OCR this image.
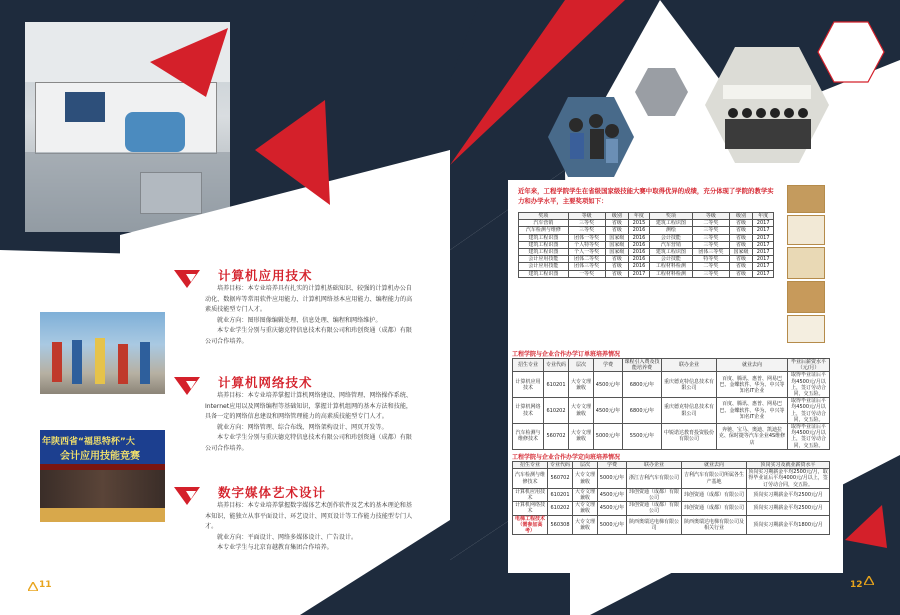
年陕西省“福思特杯”大
会计应用技能竞赛
计算机应用技术

培养目标：本专业培养具有扎实的计算机基础知识、较强的计算机办公自动化、数据库等常用软件应用能力、计算机网络基本应用能力、编程能力的高素质技能型专门人才。

就业方向：图形图像编辑处理、信息处理、编程和网络维护。

本专业学生分别与重庆德克特信息技术有限公司和玮创资通（成都）有限公司合作培养。

计算机网络技术

培养目标：本专业培养掌握计算机网络建设、网络管理、网络操作系统、Internet应用以及网络编程等基础知识，掌握计算机组网的基本方法和技能，具备一定的网络信息建设和网络管理能力的高素质技能型专门人才。

就业方向：网络管理、综合布线、网络架构设计、网页开发等。

本专业学生分别与重庆德克特信息技术有限公司和玮创资通（成都）有限公司合作培养。

数字媒体艺术设计

培养目标：本专业培养掌握数字媒体艺术创作软件及艺术的基本理论和基本知识，能独立从事平面设计、环艺设计、网页设计等工作能力技能型专门人才。

就业方向：平面设计、网络多媒体设计、广告设计。

本专业学生与北京育越教育集团合作培养。

11
近年来，工程学院学生在省级国家级技能大赛中取得优异的成绩，充分体现了学院的教学实力和办学水平，主要奖项如下：
奖项	等级	级别	年度	奖项	等级	级别	年度
汽车营销	三等奖	省级	2015	建筑工程识图	二等奖	省级	2017
汽车检测与维修	三等奖	省级	2016	测绘	三等奖	省级	2017
建筑工程识图	团体一等奖	国家级	2016	会计技能	三等奖	省级	2017
建筑工程识图	个人特等奖	国家级	2016	汽车营销	三等奖	省级	2017
建筑工程识图	个人一等奖	国家级	2016	建筑工程识图	团体三等奖	国家级	2017
会计应用技能	团体二等奖	省级	2016	会计技能	特等奖	省级	2017
会计应用技能	团体三等奖	省级	2016	工程材料检测	二等奖	省级	2017
建筑工程识图	一等奖	省级	2017	工程材料检测	三等奖	省级	2017
工程学院与企业合作办学订单班培养情况
招生专业	专业代码	层次	学费	课程引入费及技能培养费	联办企业	就业去向	毕业后薪资水平（元/月）
计算机应用技术	610201	大专文理兼收	4500元/年	6800元/年	重庆德克特信息技术有限公司	百度、腾讯、惠普、网易巴巴、金蝶软件、华为、中兴等知名IT企业	取得毕业证后平均4500元/月以上，签订劳动合同，交五险。
计算机网络技术	610202	大专文理兼收	4500元/年	6800元/年	重庆德克特信息技术有限公司	百度、腾讯、惠普、网易巴巴、金蝶软件、华为、中兴等知名IT企业	取得毕业证后平均4500元/月以上，签订劳动合同，交五险。
汽车检测与维修技术	560702	大专文理兼收	5000元/年	5500元/年	中锐诺达教育投资股份有限公司	奔驰、宝马、奥迪、凯迪拉克、保时捷等汽车企业4S维修店	取得毕业证后平均4500元/月以上，签订劳动合同，交五险。
工程学院与企业合作办学定向班培养情况
招生专业	专业代码	层次	学费	联办企业	就业去向	顶岗实习及就业薪资水平
汽车检测与维修技术	560702	大专文理兼收	5000元/年	浙江吉利汽车有限公司	吉利汽车有限公司所属各生产基地	顶岗实习期薪金平均2500元/月，取得毕业证后平均4000元/月以上，签订劳动合同，交五险。
计算机应用技术	610201	大专文理兼收	4500元/年	玮创资通（成都）有限公司	玮创资通（成都）有限公司	顶岗实习期薪金平均2500元/月
计算机网络技术	610202	大专文理兼收	4500元/年	玮创资通（成都）有限公司	玮创资通（成都）有限公司	顶岗实习期薪金平均2500元/月
电梯工程技术（需参加高考）	560308	大专文理兼收	5000元/年	陕西奥瑞达电梯有限公司	陕西奥瑞达电梯有限公司及相关行业	顶岗实习期薪金平均1800元/月
12
